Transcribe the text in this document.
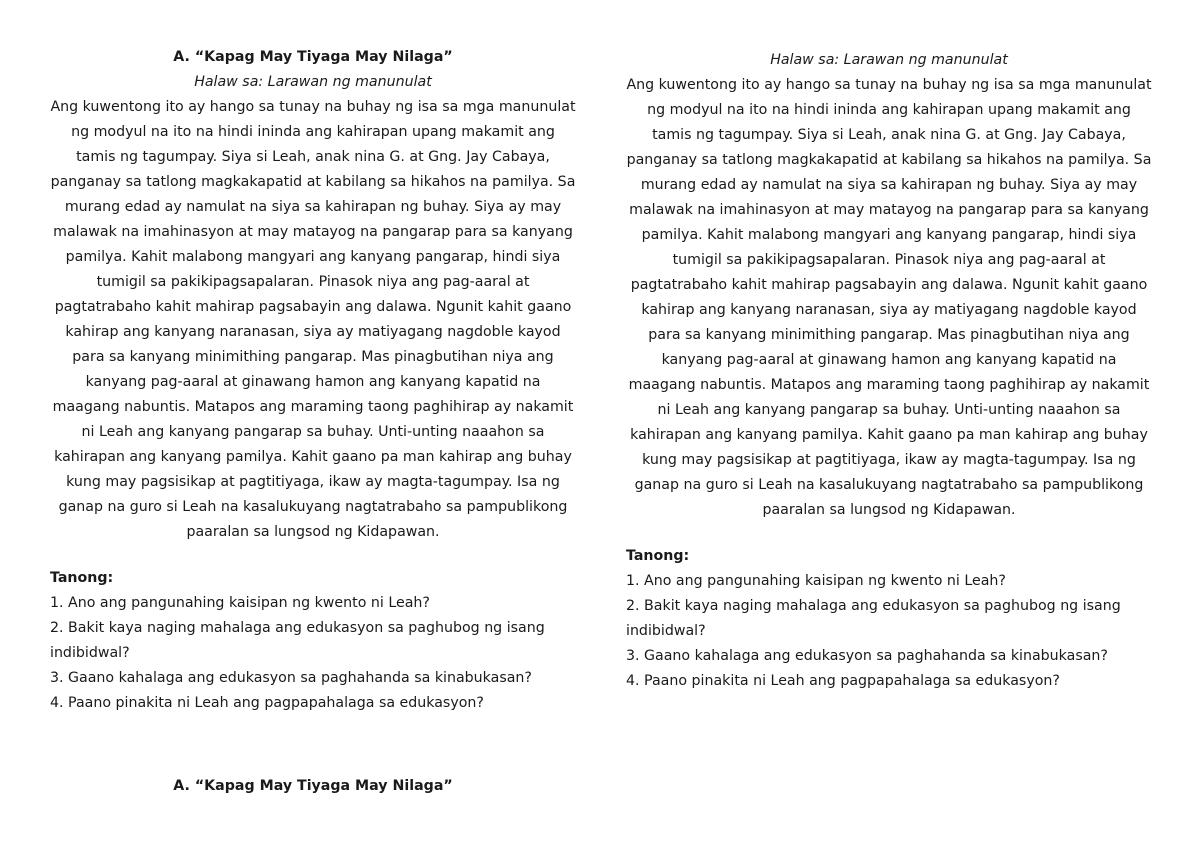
A. “Kapag May Tiyaga May Nilaga”

Halaw sa: Larawan ng manunulat

Ang kuwentong ito ay hango sa tunay na buhay ng isa sa mga manunulat ng modyul na ito na hindi ininda ang kahirapan upang makamit ang tamis ng tagumpay. Siya si Leah, anak nina G. at Gng. Jay Cabaya, panganay sa tatlong magkakapatid at kabilang sa hikahos na pamilya. Sa murang edad ay namulat na siya sa kahirapan ng buhay. Siya ay may malawak na imahinasyon at may matayog na pangarap para sa kanyang pamilya. Kahit malabong mangyari ang kanyang pangarap, hindi siya tumigil sa pakikipagsapalaran. Pinasok niya ang pag-aaral at pagtatrabaho kahit mahirap pagsabayin ang dalawa. Ngunit kahit gaano kahirap ang kanyang naranasan, siya ay matiyagang nagdoble kayod para sa kanyang minimithing pangarap. Mas pinagbutihan niya ang kanyang pag-aaral at ginawang hamon ang kanyang kapatid na maagang nabuntis. Matapos ang maraming taong paghihirap ay nakamit ni Leah ang kanyang pangarap sa buhay. Unti-unting naaahon sa kahirapan ang kanyang pamilya. Kahit gaano pa man kahirap ang buhay kung may pagsisikap at pagtitiyaga, ikaw ay magta-tagumpay. Isa ng ganap na guro si Leah na kasalukuyang nagtatrabaho sa pampublikong paaralan sa lungsod ng Kidapawan.

Tanong:

1. Ano ang pangunahing kaisipan ng kwento ni Leah?
2. Bakit kaya naging mahalaga ang edukasyon sa paghubog ng isang indibidwal?
3. Gaano kahalaga ang edukasyon sa paghahanda sa kinabukasan?
4. Paano pinakita ni Leah ang pagpapahalaga sa edukasyon?

Halaw sa: Larawan ng manunulat

Ang kuwentong ito ay hango sa tunay na buhay ng isa sa mga manunulat ng modyul na ito na hindi ininda ang kahirapan upang makamit ang tamis ng tagumpay. Siya si Leah, anak nina G. at Gng. Jay Cabaya, panganay sa tatlong magkakapatid at kabilang sa hikahos na pamilya. Sa murang edad ay namulat na siya sa kahirapan ng buhay. Siya ay may malawak na imahinasyon at may matayog na pangarap para sa kanyang pamilya. Kahit malabong mangyari ang kanyang pangarap, hindi siya tumigil sa pakikipagsapalaran. Pinasok niya ang pag-aaral at pagtatrabaho kahit mahirap pagsabayin ang dalawa. Ngunit kahit gaano kahirap ang kanyang naranasan, siya ay matiyagang nagdoble kayod para sa kanyang minimithing pangarap. Mas pinagbutihan niya ang kanyang pag-aaral at ginawang hamon ang kanyang kapatid na maagang nabuntis. Matapos ang maraming taong paghihirap ay nakamit ni Leah ang kanyang pangarap sa buhay. Unti-unting naaahon sa kahirapan ang kanyang pamilya. Kahit gaano pa man kahirap ang buhay kung may pagsisikap at pagtitiyaga, ikaw ay magta-tagumpay. Isa ng ganap na guro si Leah na kasalukuyang nagtatrabaho sa pampublikong paaralan sa lungsod ng Kidapawan.

Tanong:

1. Ano ang pangunahing kaisipan ng kwento ni Leah?
2. Bakit kaya naging mahalaga ang edukasyon sa paghubog ng isang indibidwal?
3. Gaano kahalaga ang edukasyon sa paghahanda sa kinabukasan?
4. Paano pinakita ni Leah ang pagpapahalaga sa edukasyon?

A. “Kapag May Tiyaga May Nilaga”
